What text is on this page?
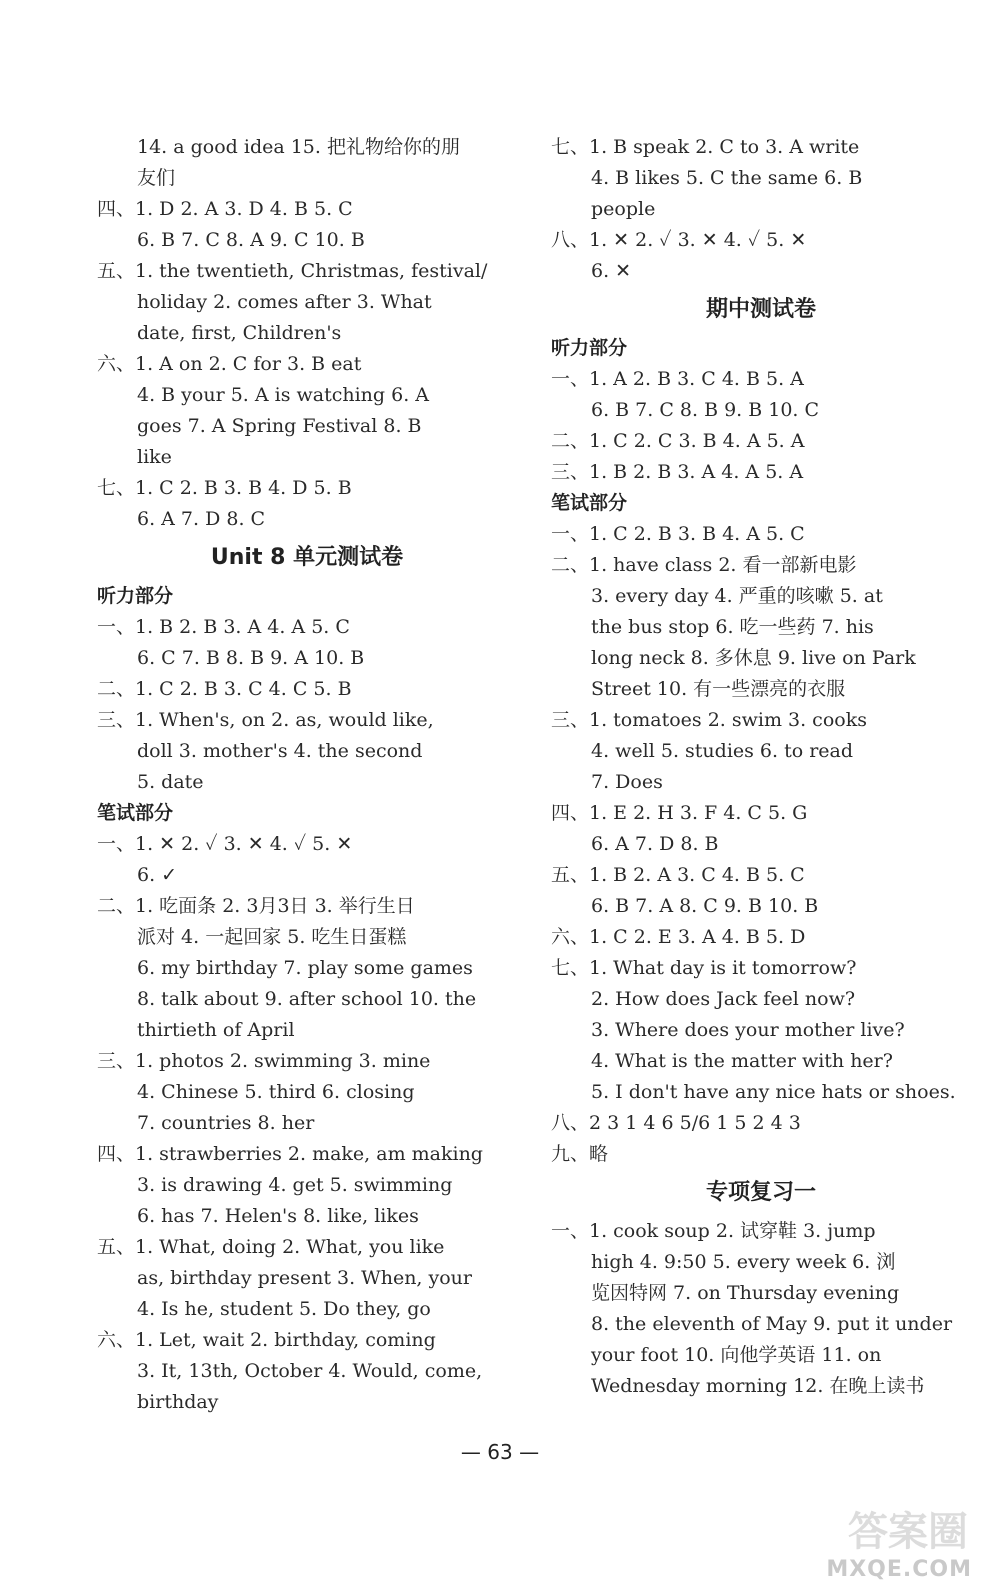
14. a good idea 15. 把礼物给你的朋
友们
四、1. D 2. A 3. D 4. B 5. C
6. B 7. C 8. A 9. C 10. B
五、1. the twentieth, Christmas, festival/
holiday 2. comes after 3. What
date, first, Children's
六、1. A on 2. C for 3. B eat
4. B your 5. A is watching 6. A
goes 7. A Spring Festival 8. B
like
七、1. C 2. B 3. B 4. D 5. B
6. A 7. D 8. C
Unit 8 单元测试卷
听力部分
一、1. B 2. B 3. A 4. A 5. C
6. C 7. B 8. B 9. A 10. B
二、1. C 2. B 3. C 4. C 5. B
三、1. When's, on 2. as, would like,
doll 3. mother's 4. the second
5. date
笔试部分
一、1. ✕ 2. ✓ 3. ✕ 4. ✓ 5. ✕
6. ✓
二、1. 吃面条 2. 3月3日 3. 举行生日
派对 4. 一起回家 5. 吃生日蛋糕
6. my birthday 7. play some games
8. talk about 9. after school 10. the
thirtieth of April
三、1. photos 2. swimming 3. mine
4. Chinese 5. third 6. closing
7. countries 8. her
四、1. strawberries 2. make, am making
3. is drawing 4. get 5. swimming
6. has 7. Helen's 8. like, likes
五、1. What, doing 2. What, you like
as, birthday present 3. When, your
4. Is he, student 5. Do they, go
六、1. Let, wait 2. birthday, coming
3. It, 13th, October 4. Would, come,
birthday
七、1. B speak 2. C to 3. A write
4. B likes 5. C the same 6. B
people
八、1. ✕ 2. ✓ 3. ✕ 4. ✓ 5. ✕
6. ✕
期中测试卷
听力部分
一、1. A 2. B 3. C 4. B 5. A
6. B 7. C 8. B 9. B 10. C
二、1. C 2. C 3. B 4. A 5. A
三、1. B 2. B 3. A 4. A 5. A
笔试部分
一、1. C 2. B 3. B 4. A 5. C
二、1. have class 2. 看一部新电影
3. every day 4. 严重的咳嗽 5. at
the bus stop 6. 吃一些药 7. his
long neck 8. 多休息 9. live on Park
Street 10. 有一些漂亮的衣服
三、1. tomatoes 2. swim 3. cooks
4. well 5. studies 6. to read
7. Does
四、1. E 2. H 3. F 4. C 5. G
6. A 7. D 8. B
五、1. B 2. A 3. C 4. B 5. C
6. B 7. A 8. C 9. B 10. B
六、1. C 2. E 3. A 4. B 5. D
七、1. What day is it tomorrow?
2. How does Jack feel now?
3. Where does your mother live?
4. What is the matter with her?
5. I don't have any nice hats or shoes.
八、2 3 1 4 6 5/6 1 5 2 4 3
九、略
专项复习一
一、1. cook soup 2. 试穿鞋 3. jump
high 4. 9:50 5. every week 6. 浏
览因特网 7. on Thursday evening
8. the eleventh of May 9. put it under
your foot 10. 向他学英语 11. on
Wednesday morning 12. 在晚上读书
— 63 —
答案圈
MXQE.COM
